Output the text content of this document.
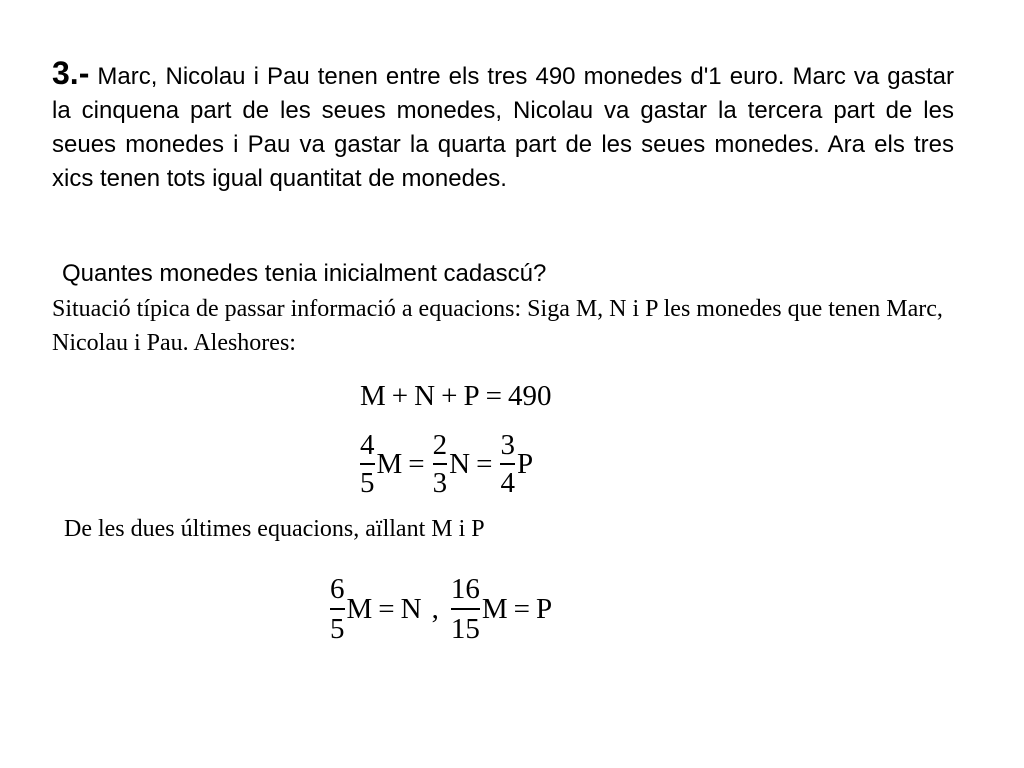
3.- Marc, Nicolau i Pau tenen entre els tres 490 monedes d'1 euro. Marc va gastar la cinquena part de les seues monedes, Nicolau va gastar la tercera part de les seues monedes i Pau va gastar la quarta part de les seues monedes. Ara els tres xics tenen tots igual quantitat de monedes.
Quantes monedes tenia inicialment cadascú?
Situació típica de passar informació a equacions: Siga M, N i P les monedes que tenen Marc, Nicolau i Pau. Aleshores:
M + N + P = 490
$\frac{4}{5}$ $M = \frac{2}{3}$ $N = \frac{3}{4}$ P
De les dues últimes equacions, aïllant M i P
$\frac{6}{5}$ M = N , $\frac{16}{15}$ M = P
